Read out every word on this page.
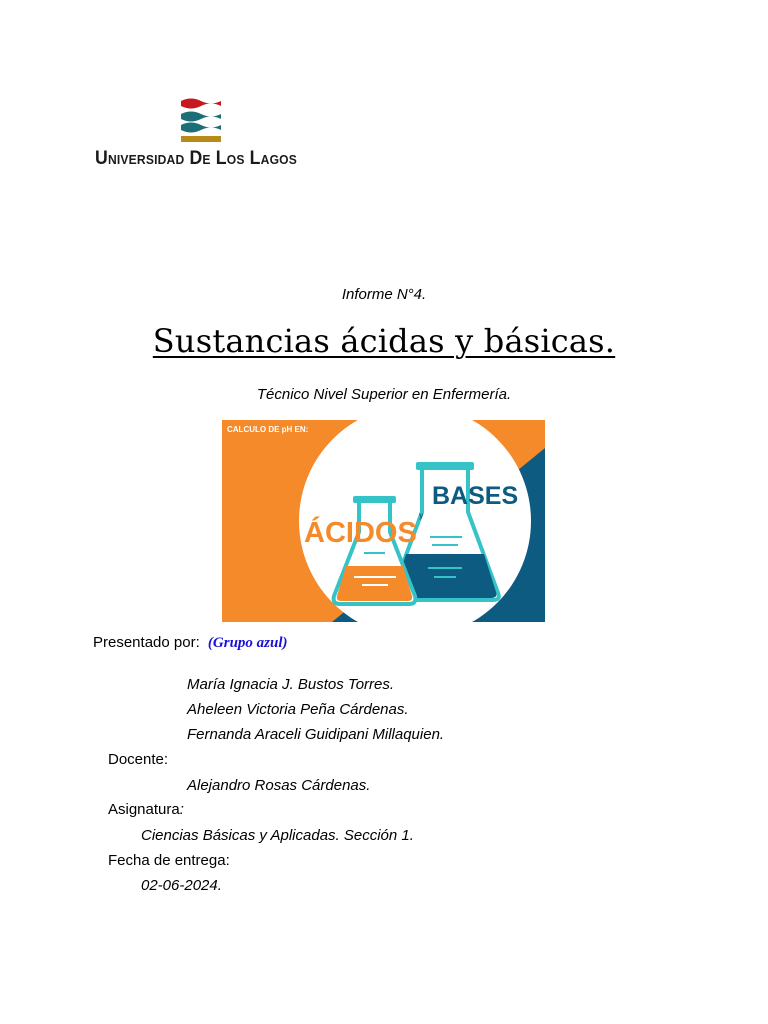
Universidad De Los Lagos
Informe N°4.
Sustancias ácidas y básicas.
Técnico Nivel Superior en Enfermería.
CALCULO DE pH EN:
ÁCIDOS
y
BASES
Presentado por: (Grupo azul)
María Ignacia J. Bustos Torres.
Aheleen Victoria Peña Cárdenas.
Fernanda Araceli Guidipani Millaquien.
Docente:
Alejandro Rosas Cárdenas.
Asignatura:
Ciencias Básicas y Aplicadas. Sección 1.
Fecha de entrega:
02-06-2024.
